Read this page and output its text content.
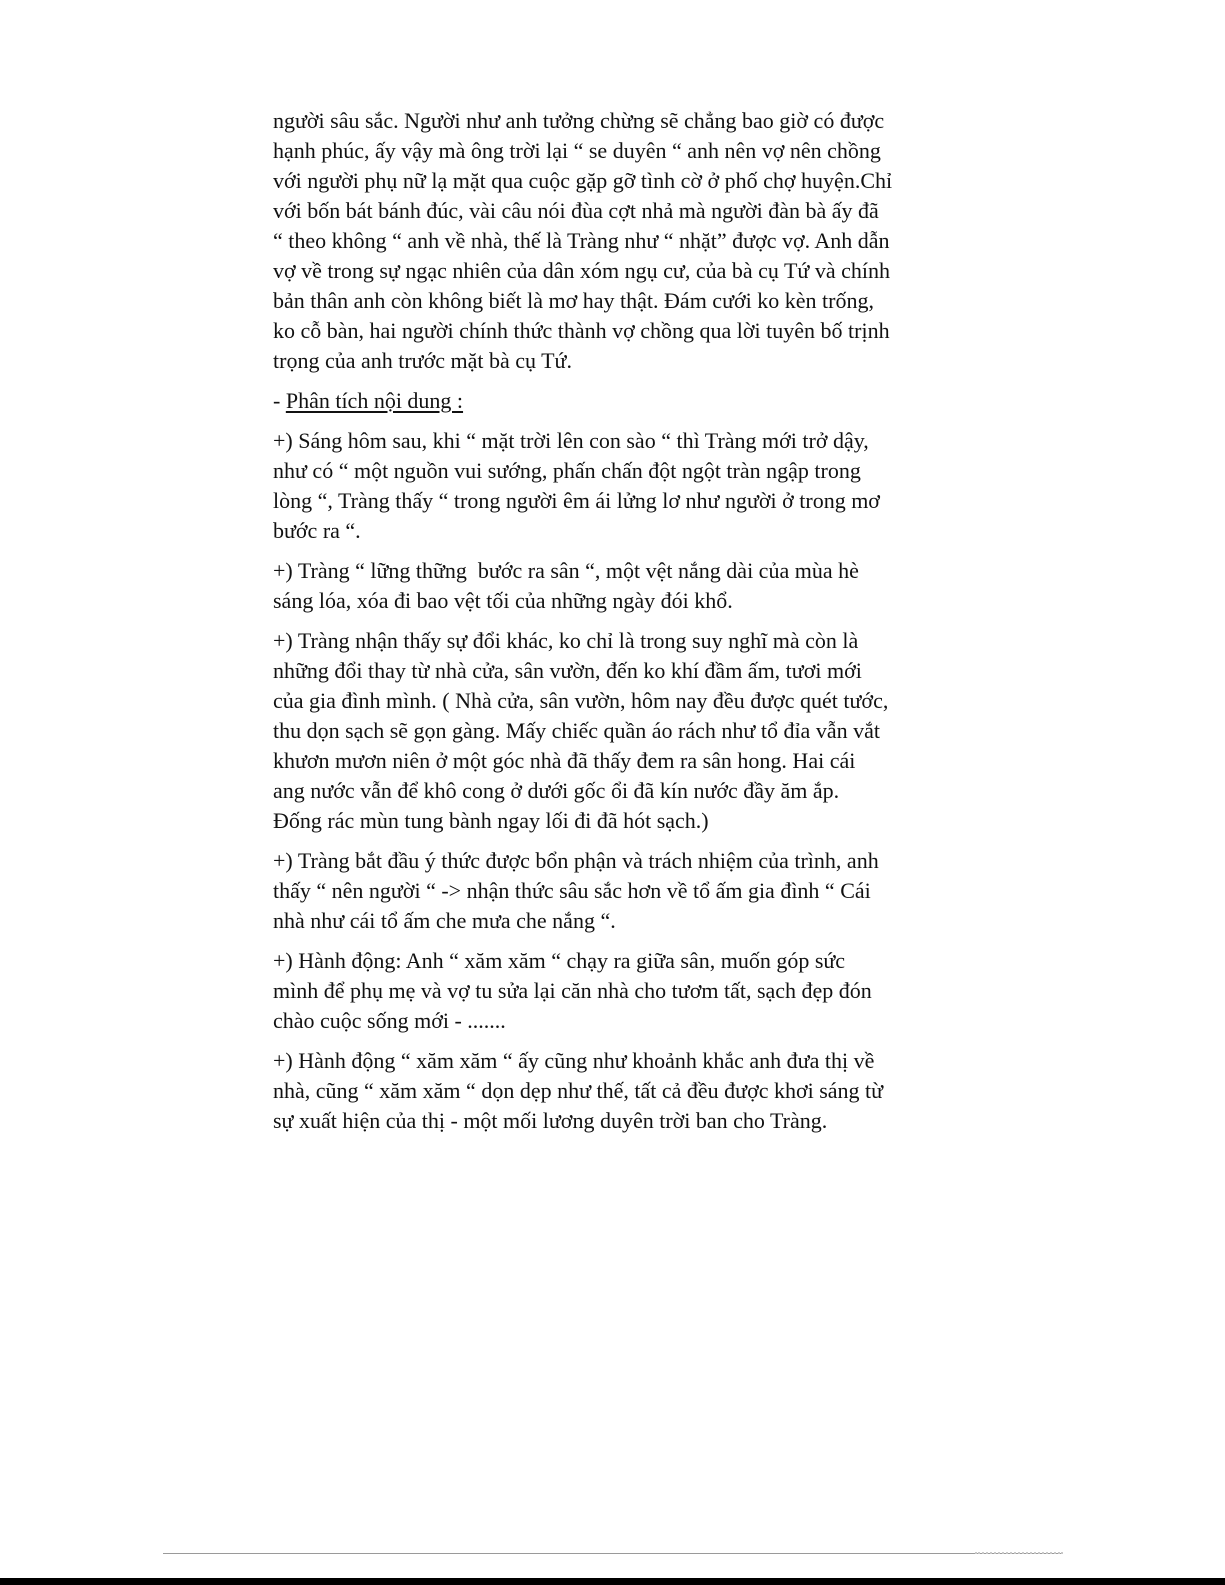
người sâu sắc. Người như anh tưởng chừng sẽ chẳng bao giờ có được
hạnh phúc, ấy vậy mà ông trời lại “ se duyên “ anh nên vợ nên chồng
với người phụ nữ lạ mặt qua cuộc gặp gỡ tình cờ ở phố chợ huyện.Chỉ
với bốn bát bánh đúc, vài câu nói đùa cợt nhả mà người đàn bà ấy đã
“ theo không “ anh về nhà, thế là Tràng như “ nhặt” được vợ. Anh dẫn
vợ về trong sự ngạc nhiên của dân xóm ngụ cư, của bà cụ Tứ và chính
bản thân anh còn không biết là mơ hay thật. Đám cưới ko kèn trống,
ko cỗ bàn, hai người chính thức thành vợ chồng qua lời tuyên bố trịnh
trọng của anh trước mặt bà cụ Tứ.

- Phân tích nội dung :

+) Sáng hôm sau, khi “ mặt trời lên con sào “ thì Tràng mới trở dậy,
như có “ một nguồn vui sướng, phấn chấn đột ngột tràn ngập trong
lòng “, Tràng thấy “ trong người êm ái lửng lơ như người ở trong mơ
bước ra “.

+) Tràng “ lững thững  bước ra sân “, một vệt nắng dài của mùa hè
sáng lóa, xóa đi bao vệt tối của những ngày đói khổ.

+) Tràng nhận thấy sự đổi khác, ko chỉ là trong suy nghĩ mà còn là
những đổi thay từ nhà cửa, sân vườn, đến ko khí đầm ấm, tươi mới
của gia đình mình. ( Nhà cửa, sân vườn, hôm nay đều được quét tước,
thu dọn sạch sẽ gọn gàng. Mấy chiếc quần áo rách như tổ đỉa vẫn vắt
khươn mươn niên ở một góc nhà đã thấy đem ra sân hong. Hai cái
ang nước vẫn để khô cong ở dưới gốc ổi đã kín nước đầy ăm ắp.
Đống rác mùn tung bành ngay lối đi đã hót sạch.)

+) Tràng bắt đầu ý thức được bổn phận và trách nhiệm của trình, anh
thấy “ nên người “ -> nhận thức sâu sắc hơn về tổ ấm gia đình “ Cái
nhà như cái tổ ấm che mưa che nắng “.

+) Hành động: Anh “ xăm xăm “ chạy ra giữa sân, muốn góp sức
mình để phụ mẹ và vợ tu sửa lại căn nhà cho tươm tất, sạch đẹp đón
chào cuộc sống mới - .......

+) Hành động “ xăm xăm “ ấy cũng như khoảnh khắc anh đưa thị về
nhà, cũng “ xăm xăm “ dọn dẹp như thế, tất cả đều được khơi sáng từ
sự xuất hiện của thị - một mối lương duyên trời ban cho Tràng.
